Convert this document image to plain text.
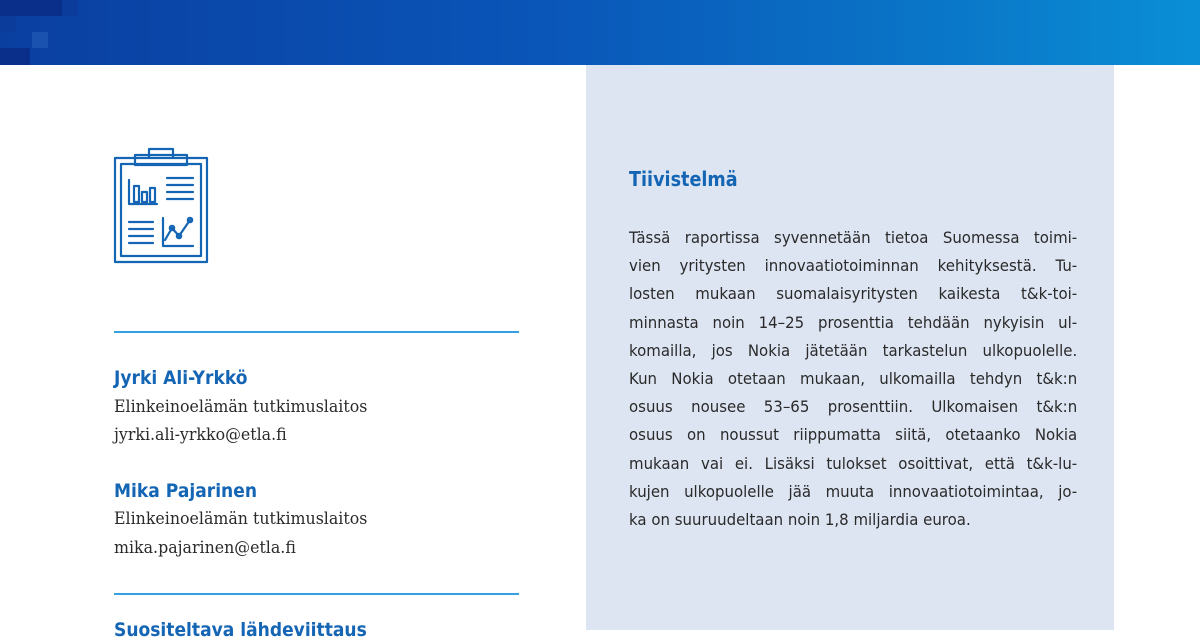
Jyrki Ali-Yrkkö
Elinkeinoelämän tutkimuslaitos
jyrki.ali-yrkko@etla.fi
Mika Pajarinen
Elinkeinoelämän tutkimuslaitos
mika.pajarinen@etla.fi
Suositeltava lähdeviittaus
Tiivistelmä
Tässä raportissa syvennetään tietoa Suomessa toimi-
vien yritysten innovaatiotoiminnan kehityksestä. Tu-
losten mukaan suomalaisyritysten kaikesta t&k-toi-
minnasta noin 14–25 prosenttia tehdään nykyisin ul-
komailla, jos Nokia jätetään tarkastelun ulkopuolelle.
Kun Nokia otetaan mukaan, ulkomailla tehdyn t&k:n
osuus nousee 53–65 prosenttiin. Ulkomaisen t&k:n
osuus on noussut riippumatta siitä, otetaanko Nokia
mukaan vai ei. Lisäksi tulokset osoittivat, että t&k-lu-
kujen ulkopuolelle jää muuta innovaatiotoimintaa, jo-
ka on suuruudeltaan noin 1,8 miljardia euroa.
